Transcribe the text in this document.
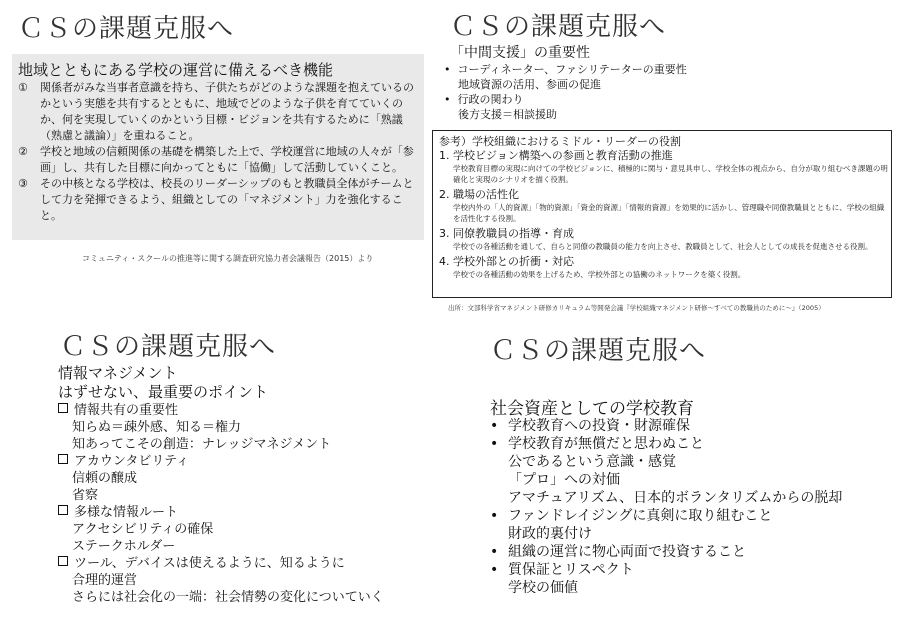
ＣＳの課題克服へ
地域とともにある学校の運営に備えるべき機能
① 関係者がみな当事者意識を持ち、子供たちがどのような課題を抱えているのかという実態を共有するとともに、地域でどのような子供を育てていくのか、何を実現していくのかという目標・ビジョンを共有するために「熟議（熟慮と議論）」を重ねること。
② 学校と地域の信頼関係の基礎を構築した上で、学校運営に地域の人々が「参画」し、共有した目標に向かってともに「協働」して活動していくこと。
③ その中核となる学校は、校長のリーダーシップのもと教職員全体がチームとして力を発揮できるよう、組織としての「マネジメント」力を強化すること。
コミュニティ・スクールの推進等に関する調査研究協力者会議報告（2015）より
ＣＳの課題克服へ
「中間支援」の重要性
•  コーディネーター、ファシリテーターの重要性
地域資源の活用、参画の促進
•  行政の関わり
後方支援＝相談援助
参考）学校組織におけるミドル・リーダーの役割
1. 学校ビジョン構築への参画と教育活動の推進
学校教育目標の実現に向けての学校ビジョンに、積極的に関与・意見具申し、学校全体の視点から、自分が取り組むべき課題の明確化と実現のシナリオを描く役割。
2. 職場の活性化
学校内外の「人的資源」「物的資源」「資金的資源」「情報的資源」を効果的に活かし、管理職や同僚教職員とともに、学校の組織を活性化する役割。
3. 同僚教職員の指導・育成
学校での各種活動を通して、自らと同僚の教職員の能力を向上させ、教職員として、社会人としての成長を促進させる役割。
4. 学校外部との折衝・対応
学校での各種活動の効果を上げるため、学校外部との協働のネットワークを築く役割。
出所：文部科学省マネジメント研修カリキュラム等開発会議『学校組織マネジメント研修～すべての教職員のために～』（2005）
ＣＳの課題克服へ
情報マネジメント
はずせない、最重要のポイント
情報共有の重要性
知らぬ＝疎外感、知る＝権力
知あってこその創造：ナレッジマネジメント
アカウンタビリティ
信頼の醸成
省察
多様な情報ルート
アクセシビリティの確保
ステークホルダー
ツール、デバイスは使えるように、知るように
合理的運営
さらには社会化の一端：社会情勢の変化についていく
ＣＳの課題克服へ
社会資産としての学校教育
• 学校教育への投資・財源確保
• 学校教育が無償だと思わぬこと
公であるという意識・感覚
「プロ」への対価
アマチュアリズム、日本的ボランタリズムからの脱却
• ファンドレイジングに真剣に取り組むこと
財政的裏付け
• 組織の運営に物心両面で投資すること
• 質保証とリスペクト
学校の価値
